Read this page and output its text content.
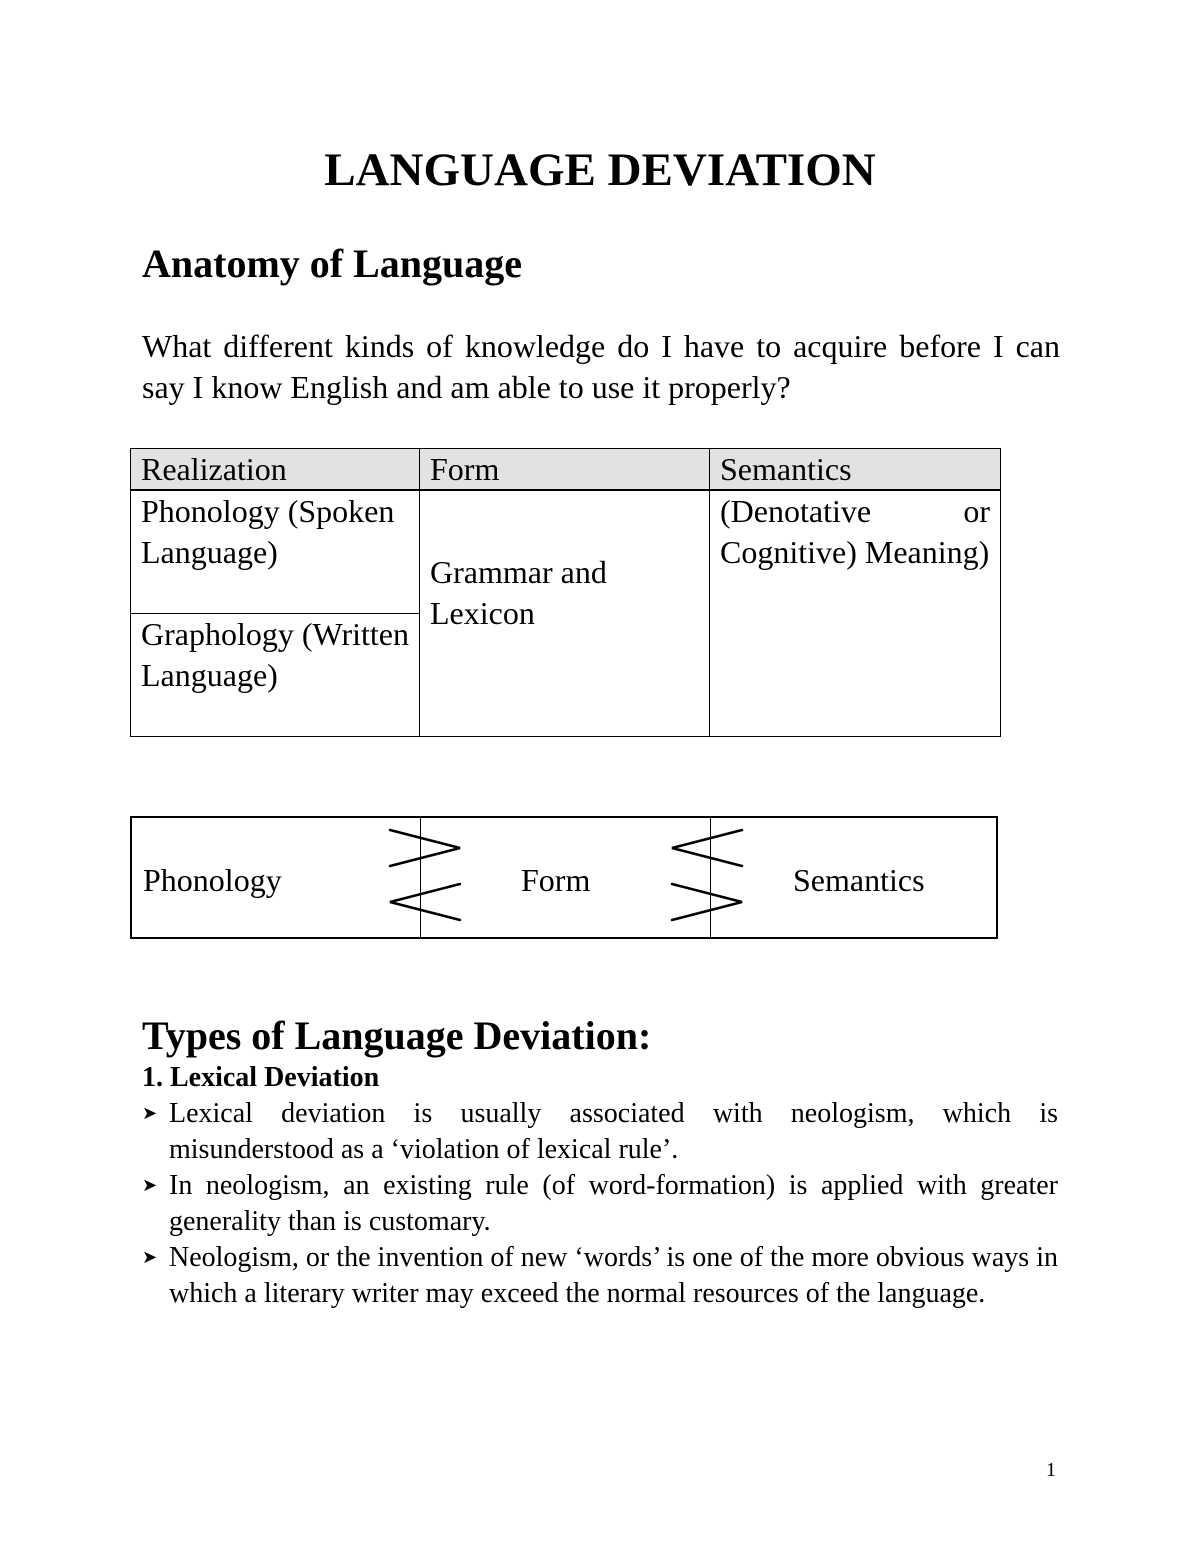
LANGUAGE DEVIATION
Anatomy of Language
What different kinds of knowledge do I have to acquire before I can say I know English and am able to use it properly?
Realization	Form	Semantics
Phonology (Spoken Language)	Grammar and Lexicon	(Denotative or Cognitive) Meaning)
Graphology (Written Language)		
Phonology	Form	Semantics
Types of Language Deviation:
1. Lexical Deviation
➤ Lexical deviation is usually associated with neologism, which is misunderstood as a ‘violation of lexical rule’.
➤ In neologism, an existing rule (of word-formation) is applied with greater generality than is customary.
➤ Neologism, or the invention of new ‘words’ is one of the more obvious ways in which a literary writer may exceed the normal resources of the language.
1
